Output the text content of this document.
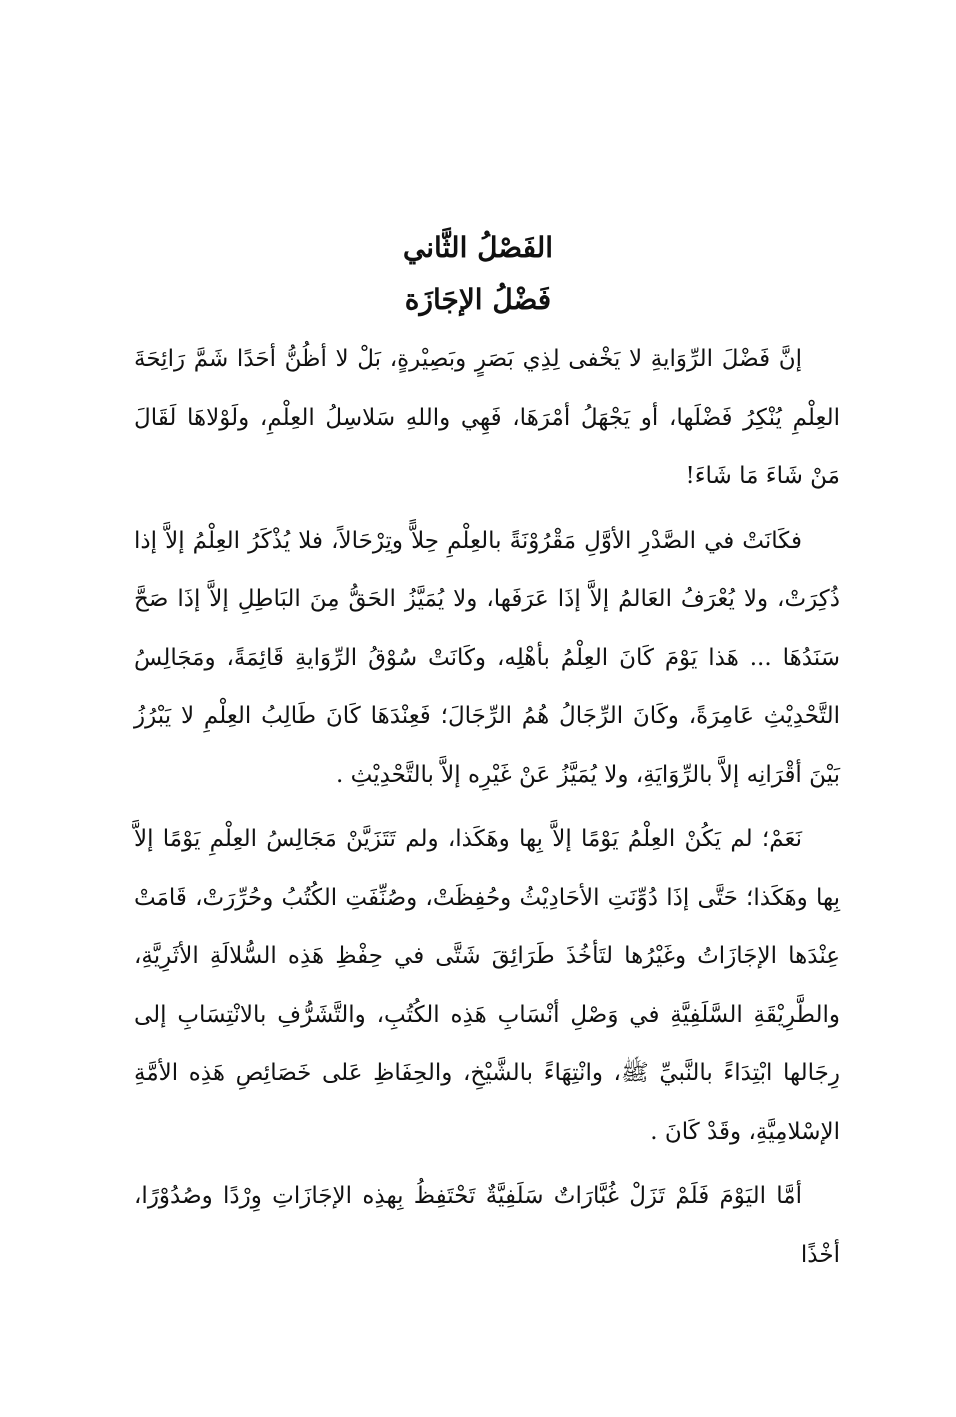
الفَصْلُ الثَّاني

فَضْلُ الإجَازَة

إنَّ فَضْلَ الرِّوَايةِ لا يَخْفى لِذِي بَصَرٍ وبَصِيْرةٍ، بَلْ لا أظُنُّ أحَدًا شَمَّ رَائِحَةَ العِلْمِ يُنْكِرُ فَضْلَها، أو يَجْهَلُ أمْرَهَا، فَهِي واللهِ سَلاسِلُ العِلْمِ، ولَوْلاهَا لَقَالَ مَنْ شَاءَ مَا شَاءَ!

فكَانَتْ في الصَّدْرِ الأوَّلِ مَقْرُوْنَةً بالعِلْمِ حِلاًّ وتِرْحَالاً، فلا يُذْكَرُ العِلْمُ إلاَّ إذا ذُكِرَتْ، ولا يُعْرَفُ العَالمُ إلاَّ إذَا عَرَفَها، ولا يُمَيَّزُ الحَقُّ مِنَ البَاطِلِ إلاَّ إذَا صَحَّ سَنَدُهَا ... هَذا يَوْمَ كَانَ العِلْمُ بأهْلِه، وكَانَتْ سُوْقُ الرِّوَايةِ قَائِمَةً، ومَجَالِسُ التَّحْدِيْثِ عَامِرَةً، وكَانَ الرِّجَالُ هُمُ الرِّجَالَ؛ فَعِنْدَهَا كَانَ طَالِبُ العِلْمِ لا يَبْرُزُ بَيْنَ أقْرَانِه إلاَّ بالرِّوَايَةِ، ولا يُمَيَّزُ عَنْ غَيْرِه إلاَّ بالتَّحْدِيْثِ .

نَعَمْ؛ لم يَكُنْ العِلْمُ يَوْمًا إلاَّ بِها وهَكَذا، ولم تَتَزَيَّنْ مَجَالِسُ العِلْمِ يَوْمًا إلاَّ بِها وهَكَذا؛ حَتَّى إذَا دُوِّنَتِ الأحَادِيْثُ وحُفِظَتْ، وصُنِّفَتِ الكُتُبُ وحُرِّرَتْ، قَامَتْ عِنْدَها الإجَازَاتُ وغَيْرُها لتَأخُذَ طَرَائِقَ شَتَّى في حِفْظِ هَذِه السُّلالَةِ الأثَرِيَّةِ، والطَّرِيْقَةِ السَّلَفِيَّةِ في وَصْلِ أنْسَابِ هَذِه الكُتُبِ، والتَّشَرُّفِ بالانْتِسَابِ إلى رِجَالها ابْتِدَاءً بالنَّبيِّ ﷺ، وانْتِهَاءً بالشَّيْخِ، والحِفَاظِ عَلى خَصَائِصِ هَذِه الأمَّةِ الإسْلامِيَّةِ، وقَدْ كَانَ .

أمَّا اليَوْمَ فَلَمْ تَزَلْ غُبَّارَاتٌ سَلَفِيَّةٌ تَحْتَفِظُ بِهذِه الإجَازَاتِ وِرْدًا وصُدُوْرًا، أخْذًا
